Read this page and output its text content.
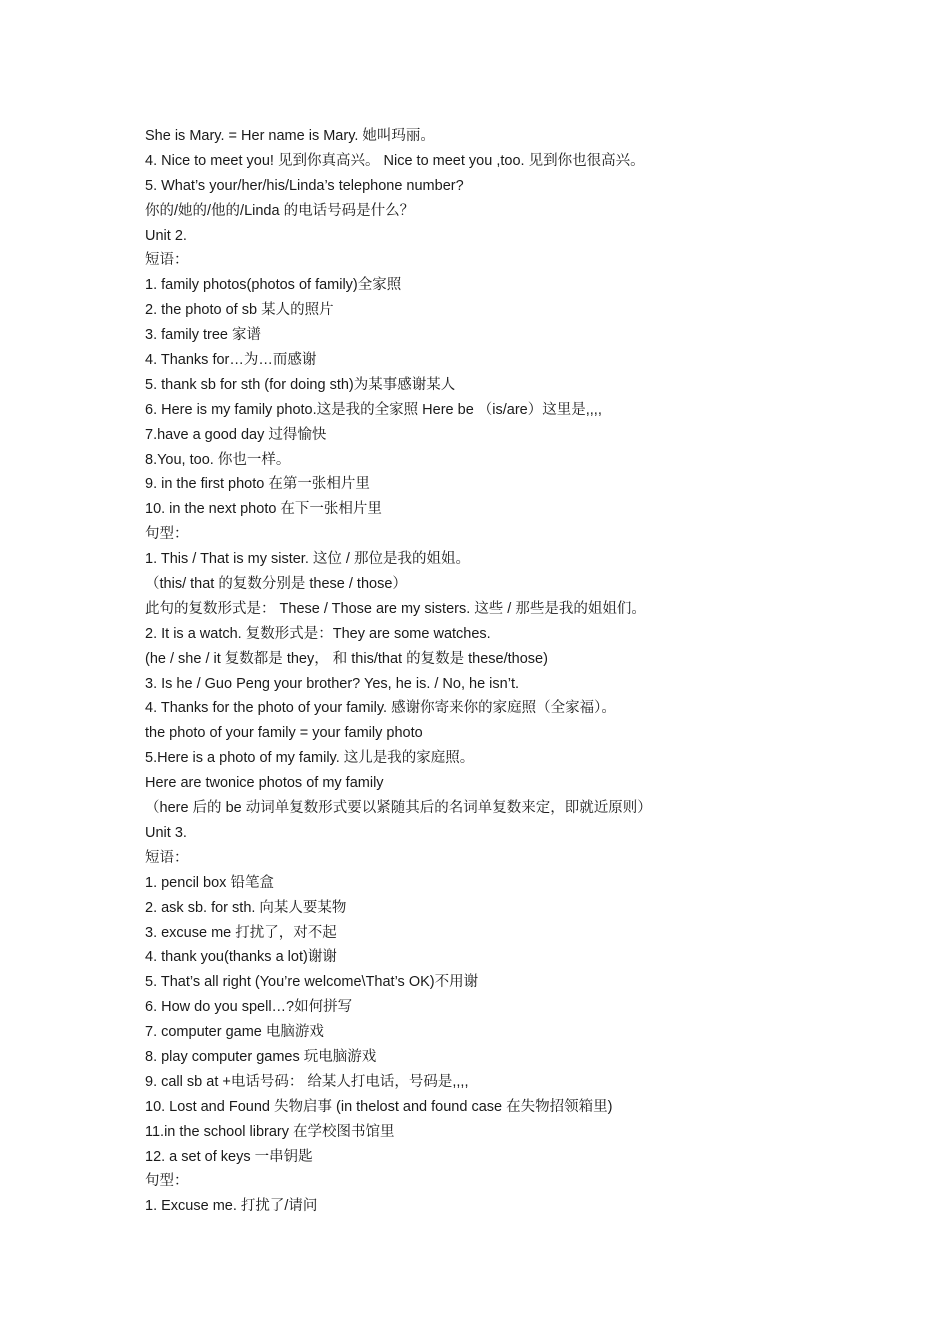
She is Mary. = Her name is Mary. 她叫玛丽。
4. Nice to meet you! 见到你真高兴。 Nice to meet you ,too. 见到你也很高兴。
5. What’s your/her/his/Linda’s telephone number?
你的/她的/他的/Linda 的电话号码是什么？
Unit 2.
短语：
1. family photos(photos of family)全家照
2. the photo of sb 某人的照片
3. family tree 家谱
4. Thanks for…为…而感谢
5. thank sb for sth (for doing sth)为某事感谢某人
6. Here is my family photo.这是我的全家照 Here be （is/are）这里是,,,,
7.have a good day 过得愉快
8.You, too. 你也一样。
9. in the first photo 在第一张相片里
10. in the next photo 在下一张相片里
句型：
1. This / That is my sister. 这位 / 那位是我的姐姐。
（this/ that 的复数分别是 these / those）
此句的复数形式是： These / Those are my sisters. 这些 / 那些是我的姐姐们。
2. It is a watch. 复数形式是：They are some watches.
(he / she / it 复数都是 they， 和 this/that 的复数是 these/those)
3. Is he / Guo Peng your brother? Yes, he is. / No, he isn’t.
4. Thanks for the photo of your family. 感谢你寄来你的家庭照（全家福）。
the photo of your family = your family photo
5.Here is a photo of my family. 这儿是我的家庭照。
Here are twonice photos of my family
（here 后的 be 动词单复数形式要以紧随其后的名词单复数来定，即就近原则）
Unit 3.
短语：
1. pencil box 铅笔盒
2. ask sb. for sth. 向某人要某物
3. excuse me 打扰了，对不起
4. thank you(thanks a lot)谢谢
5. That’s all right (You’re welcome\That’s OK)不用谢
6. How do you spell…?如何拼写
7. computer game 电脑游戏
8. play computer games 玩电脑游戏
9. call sb at +电话号码： 给某人打电话，号码是,,,,
10. Lost and Found 失物启事 (in thelost and found case 在失物招领箱里)
11.in the school library 在学校图书馆里
12. a set of keys 一串钥匙
句型：
1. Excuse me. 打扰了/请问
